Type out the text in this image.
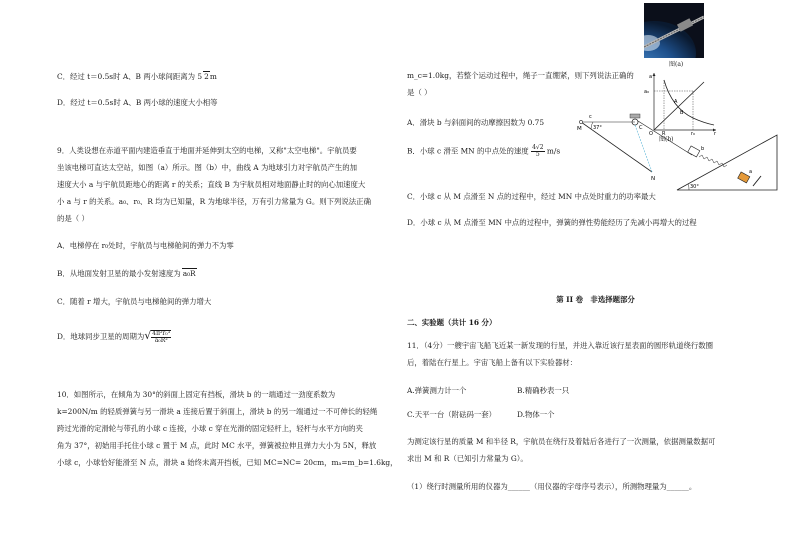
C．经过 t＝0.5s时 A、B 两小球间距离为 5 2m
D．经过 t＝0.5s时 A、B 两小球的速度大小相等
9．人类设想在赤道平面内建造垂直于地面并延伸到太空的电梯，又称"太空电梯"。宇航员要
坐该电梯可直达太空站，如图（a）所示。图（b）中，曲线 A 为地球引力对宇航员产生的加
速度大小 a 与宇航员距地心的距离 r 的关系；直线 B 为宇航员相对地面静止时的向心加速度大
小 a 与 r 的关系。a₀、r₀、R 均为已知量，R 为地球半径，万有引力常量为 G。则下列说法正确
的是（ ）
A．电梯停在 r₀处时，宇航员与电梯舱间的弹力不为零
B．从地面发射卫星的最小发射速度为 a₀R
C．随着 r 增大，宇航员与电梯舱间的弹力增大
D．地球同步卫星的周期为√ $\frac{\text{4π²r₀³}}{\text{a₀R²}}$
10．如图所示，在倾角为 30°的斜面上固定有挡板，滑块 b 的一端通过一劲度系数为
k=200N/m 的轻质弹簧与另一滑块 a 连接后置于斜面上，滑块 b 的另一端通过一不可伸长的轻绳
跨过光滑的定滑轮与带孔的小球 c 连接，小球 c 穿在光滑的固定轻杆上，轻杆与水平方向的夹
角为 37°，初始用手托住小球 c 置于 M 点，此时 MC 水平，弹簧被拉伸且弹力大小为 5N，释放
小球 c，小球恰好能滑至 N 点，滑块 a 始终未离开挡板，已知 MC=NC= 20cm，mₐ=m_b=1.6kg，
图(a)
a
a₀
A
B
O R	r₀	r
图(b)
m_c=1.0kg，若整个运动过程中，绳子一直绷紧，则下列说法正确的
是（ ）
37°
M
c
N
C
30°
b
a
A．滑块 b 与斜面间的动摩擦因数为 0.75
B．小球 c 滑至 MN 的中点处的速度 $\frac{4√2}{5} m/s$
C．小球 c 从 M 点滑至 N 点的过程中，经过 MN 中点处时重力的功率最大
D．小球 c 从 M 点滑至 MN 中点的过程中，弹簧的弹性势能经历了先减小再增大的过程
第 II 卷　非选择题部分
二、实验题（共计 16 分）
11．（4分）一艘宇宙飞船飞近某一新发现的行星，并进入靠近该行星表面的圆形轨道绕行数圈
后，着陆在行星上。宇宙飞船上备有以下实验器材：
A.弹簧测力计一个	B.精确秒表一只
C.天平一台（附砝码一套）	D.物体一个
为测定该行星的质量 M 和半径 R，宇航员在绕行及着陆后各进行了一次测量，依据测量数据可
求出 M 和 R（已知引力常量为 G）。
（1）绕行时测量所用的仪器为______（用仪器的字母序号表示），所测物理量为______。
